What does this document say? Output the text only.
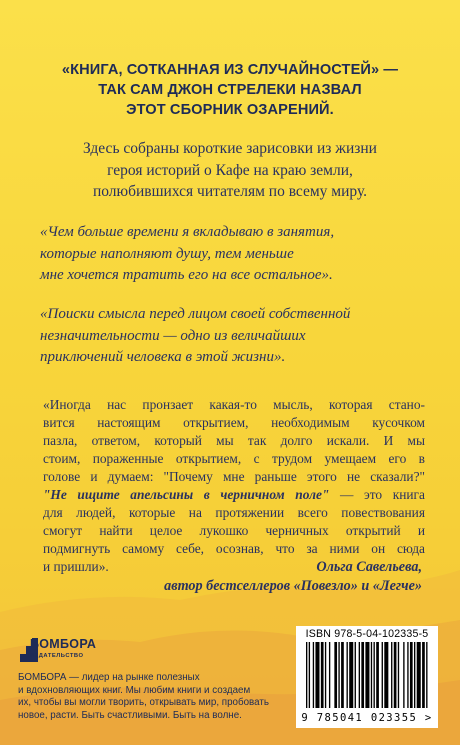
«КНИГА, СОТКАННАЯ ИЗ СЛУЧАЙНОСТЕЙ» —
ТАК САМ ДЖОН СТРЕЛЕКИ НАЗВАЛ
ЭТОТ СБОРНИК ОЗАРЕНИЙ.
Здесь собраны короткие зарисовки из жизни
героя историй о Кафе на краю земли,
полюбившихся читателям по всему миру.
«Чем больше времени я вкладываю в занятия,
которые наполняют душу, тем меньше
мне хочется тратить его на все остальное».
«Поиски смысла перед лицом своей собственной
незначительности — одно из величайших
приключений человека в этой жизни».
«Иногда нас пронзает какая-то мысль, которая стано-
вится настоящим открытием, необходимым кусочком
пазла, ответом, который мы так долго искали. И мы
стоим, пораженные открытием, с трудом умещаем его в
голове и думаем: "Почему мне раньше этого не сказали?"
"Не ищите апельсины в черничном поле" — это книга
для людей, которые на протяжении всего повествования
смогут найти целое лукошко черничных открытий и
подмигнуть самому себе, осознав, что за ними он сюда
и пришли».	Ольга Савельева,
автор бестселлеров «Повезло» и «Легче»
БОМБОРА
ИЗДАТЕЛЬСТВО
БОМБОРА — лидер на рынке полезных
и вдохновляющих книг. Мы любим книги и создаем
их, чтобы вы могли творить, открывать мир, пробовать
новое, расти. Быть счастливыми. Быть на волне.
ISBN 978-5-04-102335-5
9 785041 023355 >
